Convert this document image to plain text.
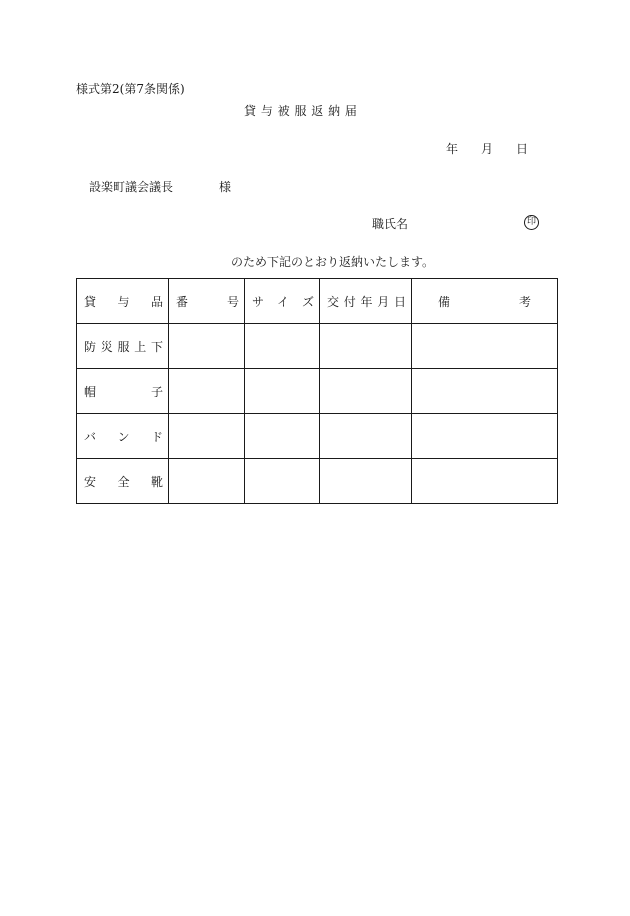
様式第2(第7条関係)
貸 与 被 服 返 納 届
年 月 日
設楽町議会議長	様
職氏名	印
のため下記のとおり返納いたします。
貸 与 品	番 号	サ イ ズ	交 付 年 月 日	備 考

防 災 服 上 下				

帽 子				

バ ン ド				

安 全 靴				
